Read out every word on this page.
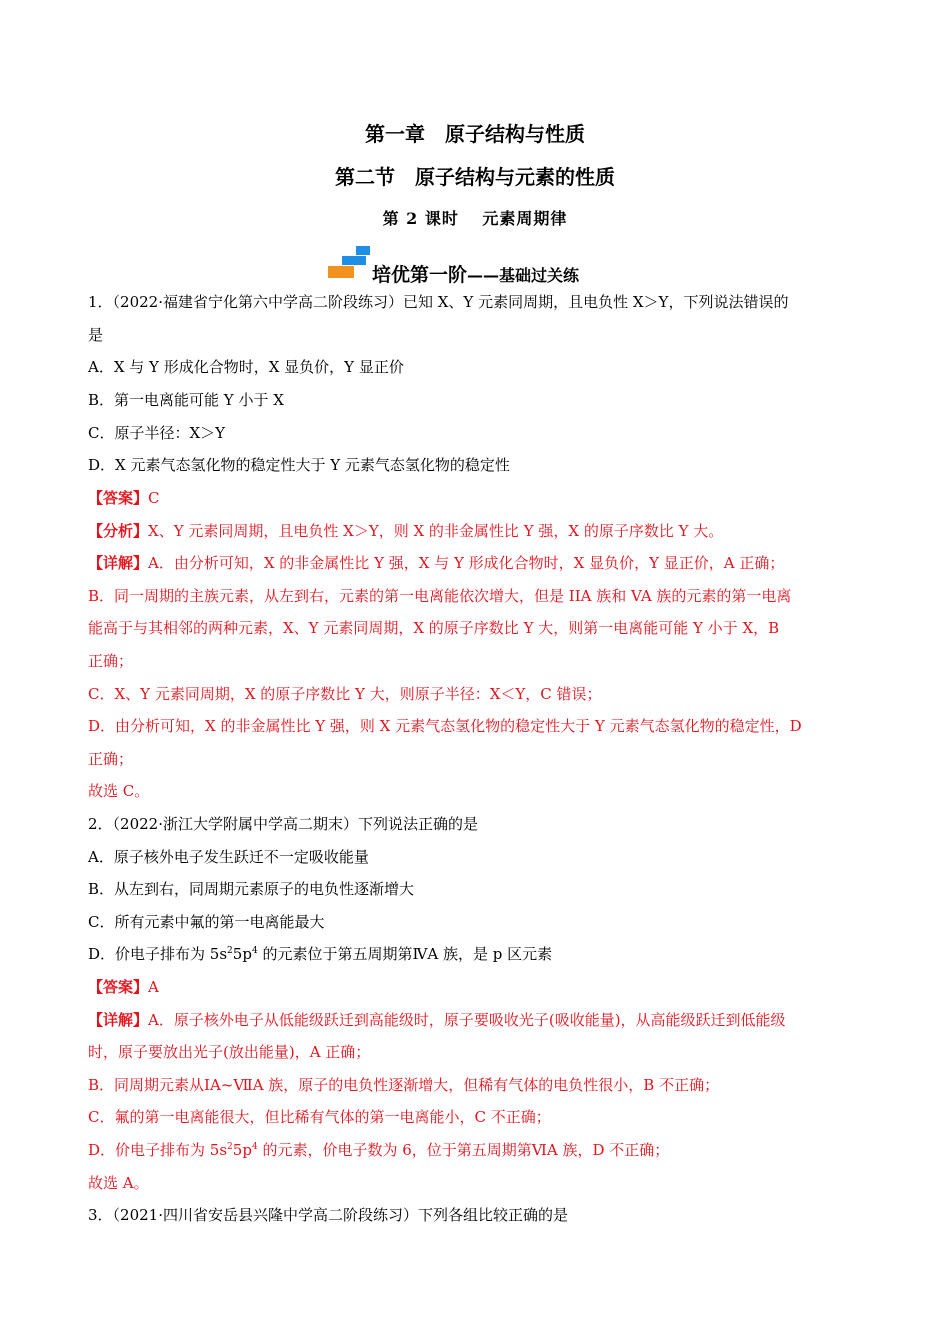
第一章　原子结构与性质
第二节　原子结构与元素的性质
第 2 课时　 元素周期律
培优第一阶——基础过关练
1．（2022·福建省宁化第六中学高二阶段练习）已知 X、Y 元素同周期，且电负性 X＞Y，下列说法错误的
是
A．X 与 Y 形成化合物时，X 显负价，Y 显正价
B．第一电离能可能 Y 小于 X
C．原子半径：X＞Y
D．X 元素气态氢化物的稳定性大于 Y 元素气态氢化物的稳定性
【答案】C
【分析】X、Y 元素同周期，且电负性 X＞Y，则 X 的非金属性比 Y 强，X 的原子序数比 Y 大。
【详解】A．由分析可知，X 的非金属性比 Y 强，X 与 Y 形成化合物时，X 显负价，Y 显正价，A 正确；
B．同一周期的主族元素，从左到右，元素的第一电离能依次增大，但是 IIA 族和 VA 族的元素的第一电离
能高于与其相邻的两种元素，X、Y 元素同周期，X 的原子序数比 Y 大，则第一电离能可能 Y 小于 X，B
正确；
C．X、Y 元素同周期，X 的原子序数比 Y 大，则原子半径：X＜Y，C 错误；
D．由分析可知，X 的非金属性比 Y 强，则 X 元素气态氢化物的稳定性大于 Y 元素气态氢化物的稳定性，D
正确；
故选 C。
2．（2022·浙江大学附属中学高二期末）下列说法正确的是
A．原子核外电子发生跃迁不一定吸收能量
B．从左到右，同周期元素原子的电负性逐渐增大
C．所有元素中氟的第一电离能最大
D．价电子排布为 $5s^25p^4$ 的元素位于第五周期第ⅣA 族，是 p 区元素
【答案】A
【详解】A．原子核外电子从低能级跃迁到高能级时，原子要吸收光子(吸收能量)，从高能级跃迁到低能级
时，原子要放出光子(放出能量)，A 正确；
B．同周期元素从ⅠA~ⅦA 族，原子的电负性逐渐增大，但稀有气体的电负性很小，B 不正确；
C．氟的第一电离能很大，但比稀有气体的第一电离能小，C 不正确；
D．价电子排布为 $5s^25p^4$ 的元素，价电子数为 6，位于第五周期第ⅥA 族，D 不正确；
故选 A。
3．（2021·四川省安岳县兴隆中学高二阶段练习）下列各组比较正确的是
